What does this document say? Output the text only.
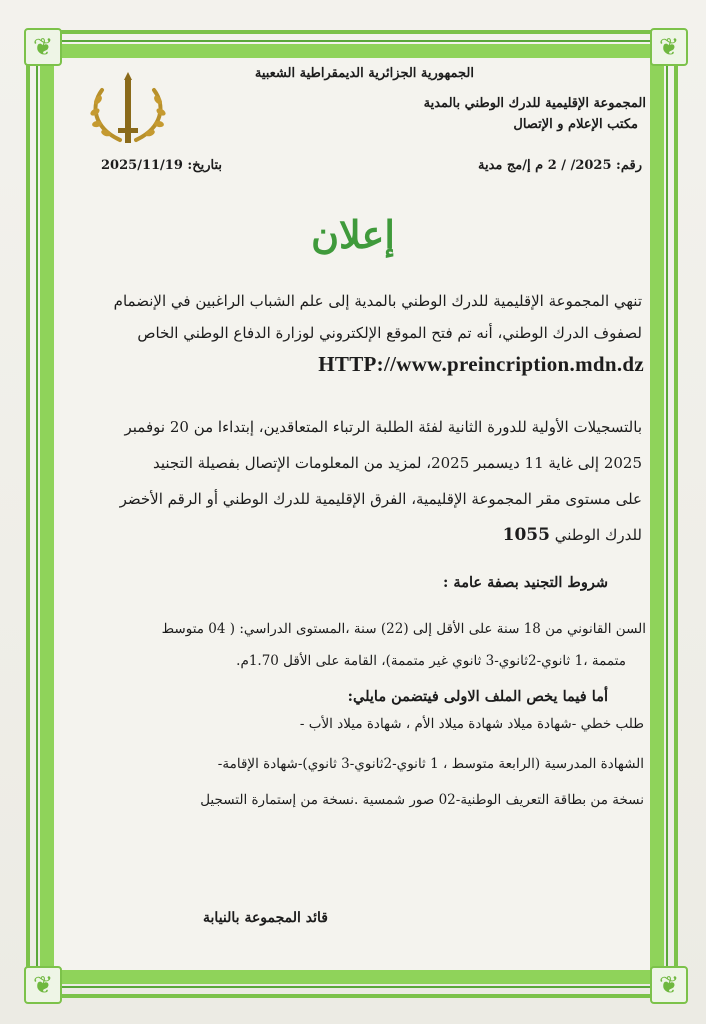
❦	❦
❦	❦
الجمهورية الجزائرية الديمقراطية الشعبية
المجموعة الإقليمية للدرك الوطني بالمدية
مكتب الإعلام و الإتصال
رقم: 2025/ / 2 م إ/مج مدية
بتاريخ: 2025/11/19
إعلان
تنهي المجموعة الإقليمية للدرك الوطني بالمدية إلى علم الشباب الراغبين في الإنضمام
لصفوف الدرك الوطني، أنه تم فتح الموقع الإلكتروني لوزارة الدفاع الوطني الخاص
HTTP://www.preincription.mdn.dz
بالتسجيلات الأولية للدورة الثانية لفئة الطلبة الرتباء المتعاقدين، إبتداءا من 20 نوفمبر
2025 إلى غاية 11 ديسمبر 2025، لمزيد من المعلومات الإتصال بفصيلة التجنيد
على مستوى مقر المجموعة الإقليمية، الفرق الإقليمية للدرك الوطني أو الرقم الأخضر
للدرك الوطني 1055
شروط التجنيد بصفة عامة :
السن القانوني من 18 سنة على الأقل إلى (22) سنة ،المستوى الدراسي: ( 04 متوسط
متممة ،1 ثانوي-2ثانوي-3 ثانوي غير متممة)، القامة على الأقل 1.70م.
أما فيما يخص الملف الاولى فيتضمن مايلي:
طلب خطي -شهادة ميلاد شهادة ميلاد الأم ، شهادة ميلاد الأب -
الشهادة المدرسية (الرابعة متوسط ، 1 ثانوي-2ثانوي-3 ثانوي)-شهادة الإقامة-
نسخة من بطاقة التعريف الوطنية-02 صور شمسية .نسخة من إستمارة التسجيل
قائد المجموعة بالنيابة
